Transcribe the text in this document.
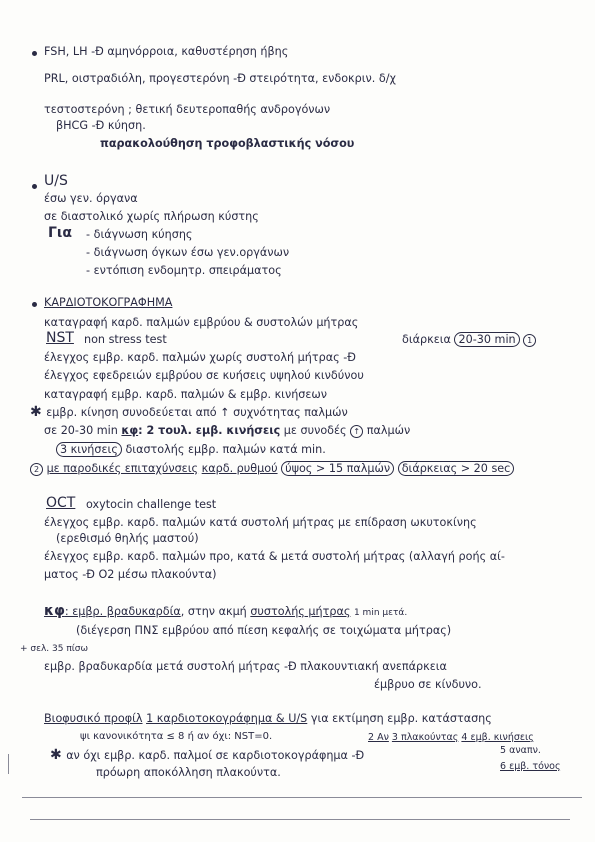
FSH, LH -Ð αμηνόρροια, καθυστέρηση ήβης
PRL, οιστραδιόλη, προγεστερόνη -Ð στειρότητα, ενδοκριν. δ/χ
τεστοστερόνη ; θετική δευτεροπαθής ανδρογόνων
βHCG -Ð κύηση.
παρακολούθηση τροφοβλαστικής νόσου
U/S
έσω γεν. όργανα
σε διαστολικό χωρίς πλήρωση κύστης
Για - διάγνωση κύησης
- διάγνωση όγκων έσω γεν.οργάνων
- εντόπιση ενδομητρ. σπειράματος
ΚΑΡΔΙΟΤΟΚΟΓΡΑΦΗΜΑ
καταγραφή καρδ. παλμών εμβρύου & συστολών μήτρας
NST non stress test	διάρκεια 20-30 min 1
έλεγχος εμβρ. καρδ. παλμών χωρίς συστολή μήτρας -Ð
έλεγχος εφεδρειών εμβρύου σε κυήσεις υψηλού κινδύνου
καταγραφή εμβρ. καρδ. παλμών & εμβρ. κινήσεων
✱ εμβρ. κίνηση συνοδεύεται από ↑ συχνότητας παλμών
σε 20-30 min κφ: 2 τουλ. εμβ. κινήσεις με συνοδές ↑ παλμών
3 κινήσεις διαστολής εμβρ. παλμών κατά min.
2 με παροδικές επιταχύνσεις καρδ. ρυθμού ύψος > 15 παλμών διάρκειας > 20 sec
OCT oxytocin challenge test
έλεγχος εμβρ. καρδ. παλμών κατά συστολή μήτρας με επίδραση ωκυτοκίνης
(ερεθισμό θηλής μαστού)
έλεγχος εμβρ. καρδ. παλμών προ, κατά & μετά συστολή μήτρας (αλλαγή ροής αί-
ματος -Ð O2 μέσω πλακούντα)
κφ: εμβρ. βραδυκαρδία, στην ακμή συστολής μήτρας 1 min μετά.
(διέγερση ΠΝΣ εμβρύου από πίεση κεφαλής σε τοιχώματα μήτρας)
+ σελ. 35 πίσω
εμβρ. βραδυκαρδία μετά συστολή μήτρας -Ð πλακουντιακή ανεπάρκεια
έμβρυο σε κίνδυνο.
Βιοφυσικό προφίλ 1 καρδιοτοκογράφημα & U/S για εκτίμηση εμβρ. κατάστασης
ψι κανονικότητα ≤ 8 ή αν όχι: NST=0.	2 Αν 3 πλακούντας 4 εμβ. κινήσεις
✱ αν όχι εμβρ. καρδ. παλμοί σε καρδιοτοκογράφημα -Ð	5 αναπν.
6 εμβ. τόνος
πρόωρη αποκόλληση πλακούντα.
